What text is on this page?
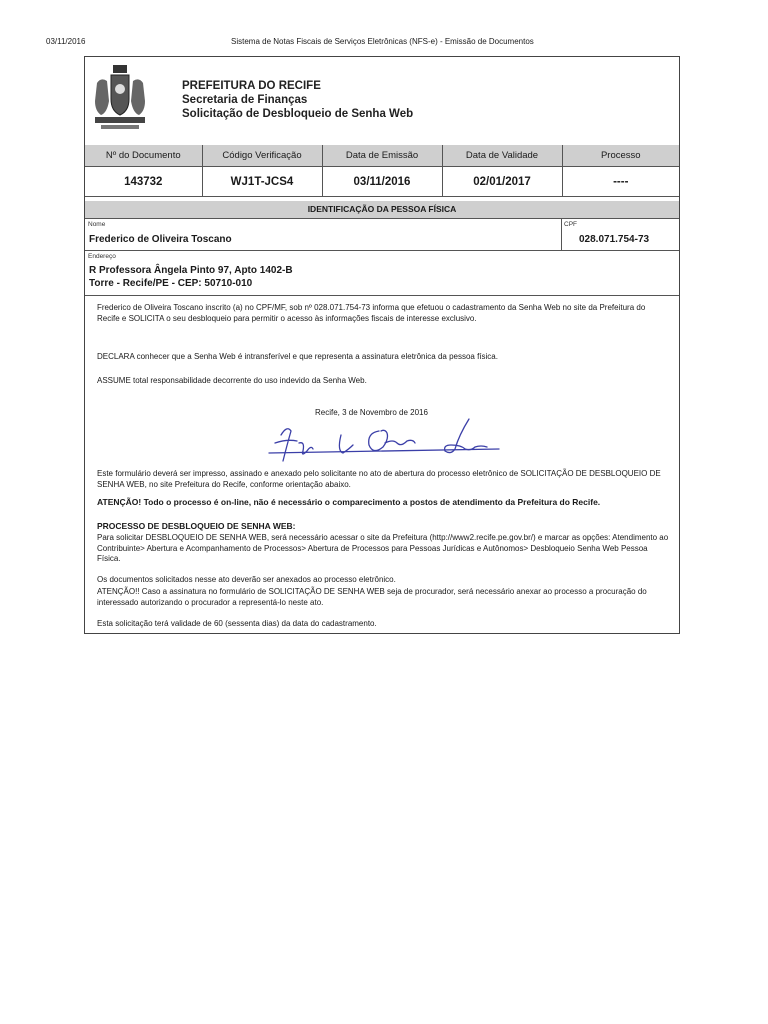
03/11/2016	Sistema de Notas Fiscais de Serviços Eletrônicas (NFS-e) - Emissão de Documentos
PREFEITURA DO RECIFE
Secretaria de Finanças
Solicitação de Desbloqueio de Senha Web
Nº do Documento	Código Verificação	Data de Emissão	Data de Validade	Processo
143732	WJ1T-JCS4	03/11/2016	02/01/2017	----
IDENTIFICAÇÃO DA PESSOA FÍSICA
Nome
Frederico de Oliveira Toscano
CPF
028.071.754-73
Endereço
R Professora Ângela Pinto 97, Apto 1402-B
Torre - Recife/PE - CEP: 50710-010

Frederico de Oliveira Toscano inscrito (a) no CPF/MF, sob nº 028.071.754-73 informa que efetuou o cadastramento da Senha Web no site da Prefeitura do Recife e SOLICITA o seu desbloqueio para permitir o acesso às informações fiscais de interesse exclusivo.

DECLARA conhecer que a Senha Web é intransferível e que representa a assinatura eletrônica da pessoa física.

ASSUME total responsabilidade decorrente do uso indevido da Senha Web.

Recife, 3 de Novembro de 2016

Este formulário deverá ser impresso, assinado e anexado pelo solicitante no ato de abertura do processo eletrônico de SOLICITAÇÃO DE DESBLOQUEIO DE SENHA WEB, no site Prefeitura do Recife, conforme orientação abaixo.

ATENÇÃO! Todo o processo é on-line, não é necessário o comparecimento a postos de atendimento da Prefeitura do Recife.

PROCESSO DE DESBLOQUEIO DE SENHA WEB:

Para solicitar DESBLOQUEIO DE SENHA WEB, será necessário acessar o site da Prefeitura (http://www2.recife.pe.gov.br/) e marcar as opções: Atendimento ao Contribuinte> Abertura e Acompanhamento de Processos> Abertura de Processos para Pessoas Jurídicas e Autônomos> Desbloqueio Senha Web Pessoa Física.

Os documentos solicitados nesse ato deverão ser anexados ao processo eletrônico.

ATENÇÃO!! Caso a assinatura no formulário de SOLICITAÇÃO DE SENHA WEB seja de procurador, será necessário anexar ao processo a procuração do interessado autorizando o procurador a representá-lo neste ato.

Esta solicitação terá validade de 60 (sessenta dias) da data do cadastramento.
